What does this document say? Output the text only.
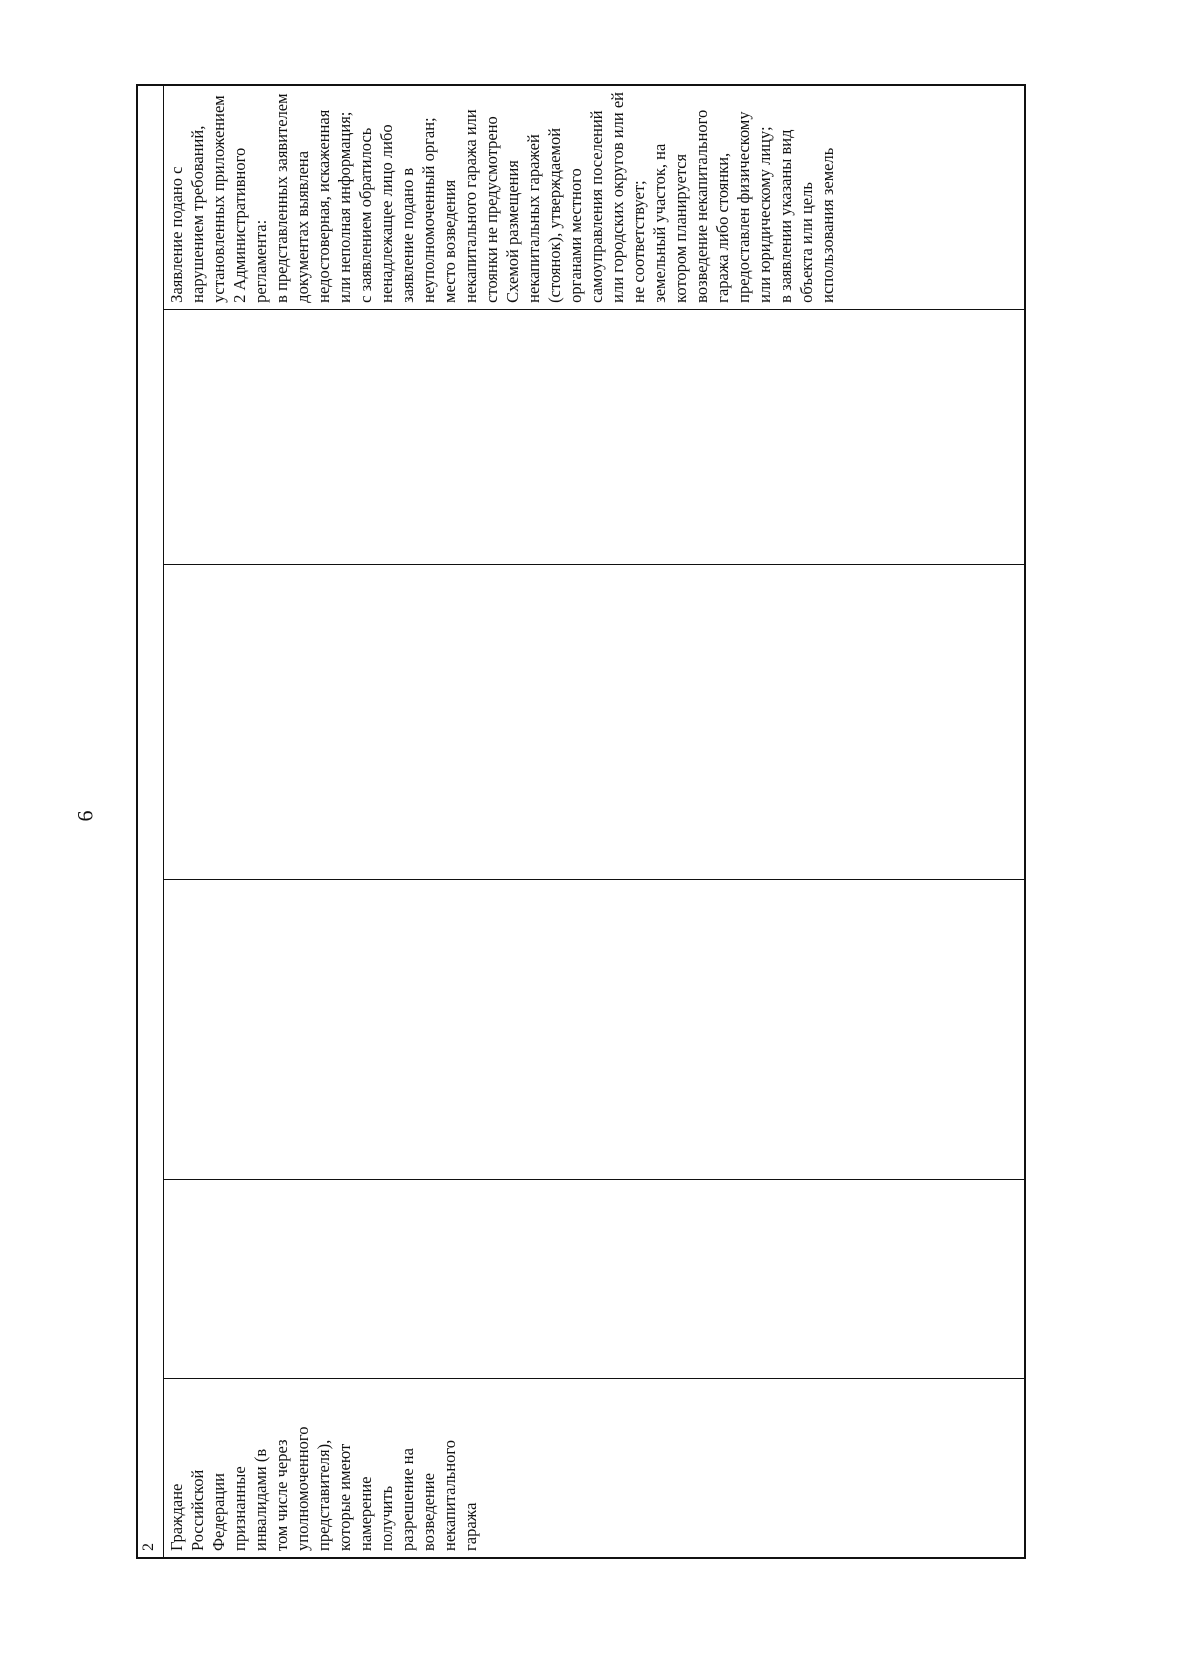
6
2 Граждане Российской Федерации признанные инвалидами (в том числе через уполномоченного представителя), которые имеют намерение получить разрешение на возведение некапитального гаража
Заявление подано с нарушением требований, установленных приложением 2 Административного регламента: в представленных заявителем документах выявлена недостоверная, искаженная или неполная информация; с заявлением обратилось ненадлежащее лицо либо заявление подано в неуполномоченный орган; место возведения некапитального гаража или стоянки не предусмотрено Схемой размещения некапитальных гаражей (стоянок), утверждаемой органами местного самоуправления поселений или городских округов или ей не соответствует; земельный участок, на котором планируется возведение некапитального гаража либо стоянки, предоставлен физическому или юридическому лицу; в заявлении указаны вид объекта или цель использования земель
